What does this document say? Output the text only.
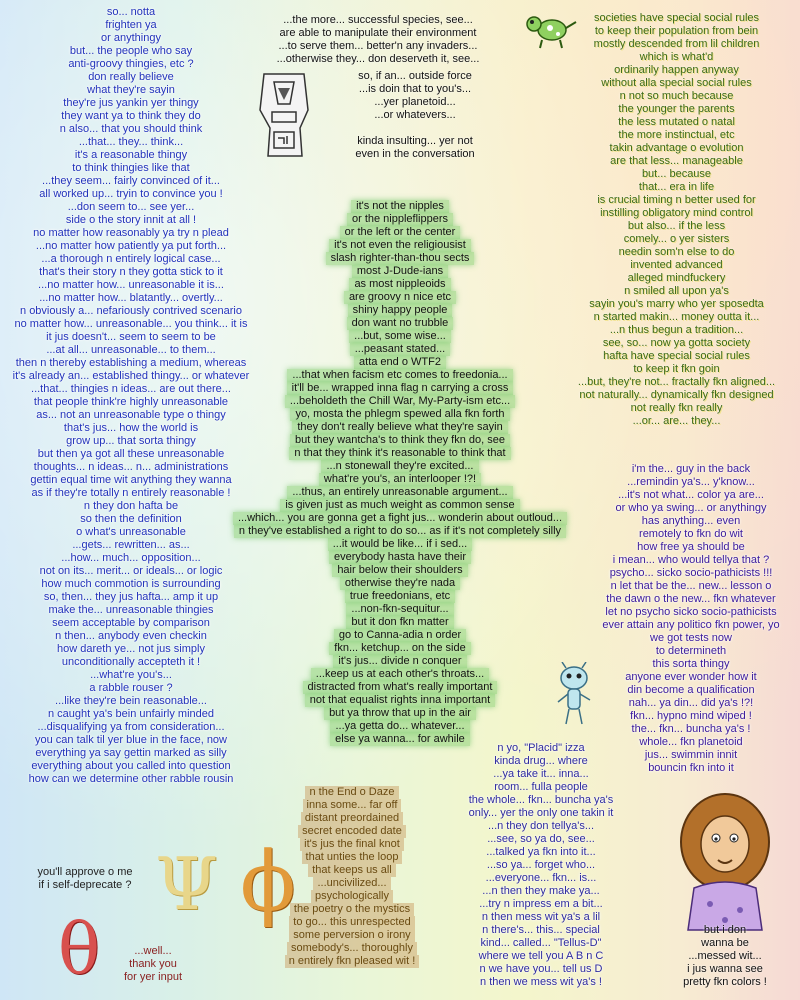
so... notta
frighten ya
or anythingy
but... the people who say
anti-groovy thingies, etc ?
don really believe
what they're sayin
they're jus yankin yer thingy
they want ya to think they do
n also... that you should think
...that... they... think...
it's a reasonable thingy
to think thingies like that
...they seem... fairly convinced of it...
all worked up... tryin to convince you !
...don seem to... see yer...
side o the story innit at all !
no matter how reasonably ya try n plead
...no matter how patiently ya put forth...
...a thorough n entirely logical case...
that's their story n they gotta stick to it
...no matter how... unreasonable it is...
...no matter how... blatantly... overtly...
n obviously a... nefariously contrived scenario
no matter how... unreasonable... you think... it is
it jus doesn't... seem to seem to be
...at all... unreasonable... to them...
then n thereby establishing a medium, whereas
it's already an... established thingy... or whatever
...that... thingies n ideas... are out there...
that people think're highly unreasonable
as... not an unreasonable type o thingy
that's jus... how the world is
grow up... that sorta thingy
but then ya got all these unreasonable
thoughts... n ideas... n... administrations
gettin equal time wit anything they wanna
as if they're totally n entirely reasonable !
n they don hafta be
so then the definition
o what's unreasonable
...gets... rewritten... as...
...how... much... opposition...
not on its... merit... or ideals... or logic
how much commotion is surrounding
so, then... they jus hafta... amp it up
make the... unreasonable thingies
seem acceptable by comparison
n then... anybody even checkin
how dareth ye... not jus simply
unconditionally accepteth it !
...what're you's...
a rabble rouser ?
...like they're bein reasonable...
n caught ya's bein unfairly minded
...disqualifying ya from consideration...
you can talk til yer blue in the face, now
everything ya say gettin marked as silly
everything about you called into question
how can we determine other rabble rousin
...the more... successful species, see...
are able to manipulate their environment
...to serve them... better'n any invaders...
...otherwise they... don deserveth it, see...
so, if an... outside force
...is doin that to you's...
...yer planetoid...
...or whatevers...

kinda insulting... yer not
even in the conversation
societies have special social rules
to keep their population from bein
mostly descended from lil children
which is what'd
ordinarily happen anyway
without alla special social rules
n not so much because
the younger the parents
the less mutated o natal
the more instinctual, etc
takin advantage o evolution
are that less... manageable
but... because
that... era in life
is crucial timing n better used for
instilling obligatory mind control
but also... if the less
comely... o yer sisters
needin som'n else to do
invented advanced
alleged mindfuckery
n smiled all upon ya's
sayin you's marry who yer sposedta
n started makin... money outta it...
...n thus begun a tradition...
see, so... now ya gotta society
hafta have special social rules
to keep it fkn goin
...but, they're not... fractally fkn aligned...
not naturally... dynamically fkn designed
not really fkn really
...or... are... they...
it's not the nipples
or the nippleflippers
or the left or the center
it's not even the religiousist
slash righter-than-thou sects
most J-Dude-ians
as most nippleoids
are groovy n nice etc
shiny happy people
don want no trubble
...but, some wise...
...peasant stated...
atta end o WTF2
...that when facism etc comes to freedonia...
it'll be... wrapped inna flag n carrying a cross
...beholdeth the Chill War, My-Party-ism etc...
yo, mosta the phlegm spewed alla fkn forth
they don't really believe what they're sayin
but they wantcha's to think they fkn do, see
n that they think it's reasonable to think that
...n stonewall they're excited...
what're you's, an interlooper !?!
...thus, an entirely unreasonable argument...
is given just as much weight as common sense
...which... you are gonna get a fight jus... wonderin about outloud...
n they've established a right to do so... as if it's not completely silly
...it would be like... if i sed...
everybody hasta have their
hair below their shoulders
otherwise they're nada
true freedonians, etc
...non-fkn-sequitur...
but it don fkn matter
go to Canna-adia n order
fkn... ketchup... on the side
it's jus... divide n conquer
...keep us at each other's throats...
distracted from what's really important
not that equalist rights inna important
but ya throw that up in the air
...ya getta do... whatever...
else ya wanna... for awhile
i'm the... guy in the back
...remindin ya's... y'know...
...it's not what... color ya are...
or who ya swing... or anythingy
has anything... even
remotely to fkn do wit
how free ya should be
i mean... who would tellya that ?
psycho... sicko socio-pathicists !!!
n let that be the... new... lesson o
the dawn o the new... fkn whatever
let no psycho sicko socio-pathicists
ever attain any politico fkn power, yo
we got tests now
to determineth
this sorta thingy
anyone ever wonder how it
din become a qualification
nah... ya din... did ya's !?!
fkn... hypno mind wiped !
the... fkn... buncha ya's !
whole... fkn planetoid
jus... swimmin innit
bouncin fkn into it
n yo, "Placid" izza
kinda drug... where
...ya take it... inna...
room... fulla people
the whole... fkn... buncha ya's
only... yer the only one takin it
...n they don tellya's...
...see, so ya do, see...
...talked ya fkn into it...
...so ya... forget who...
...everyone... fkn... is...
...n then they make ya...
...try n impress em a bit...
n then mess wit ya's a lil
n there's... this... special
kind... called... "Tellus-D"
where we tell you A B n C
n we have you... tell us D
n then we mess wit ya's !
n the End o Daze
inna some... far off
distant preordained
secret encoded date
it's jus the final knot
that unties the loop
that keeps us all
...uncivilized...
psychologically
the poetry o the mystics
to go... this unrespected
some perversion o irony
somebody's... thoroughly
n entirely fkn pleased wit !
you'll approve o me
if i self-deprecate ?
...well...
thank you
for yer input
but i don
wanna be
...messed wit...
i jus wanna see
pretty fkn colors !
Ψ ϕ
θ
